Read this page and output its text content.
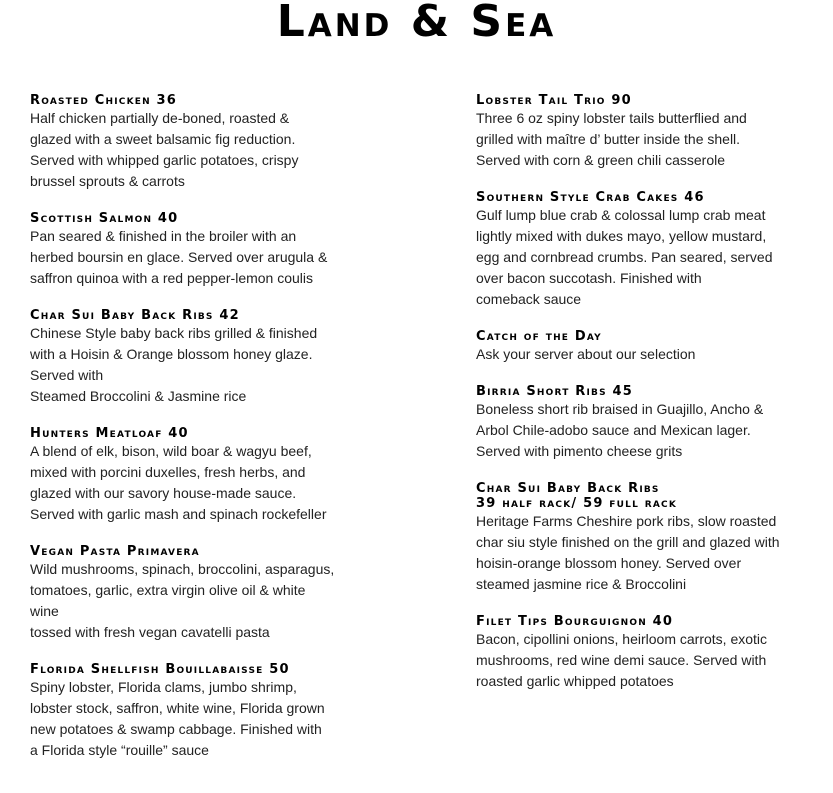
Land & Sea
Roasted Chicken 36
Half chicken partially de-boned, roasted &
glazed with a sweet balsamic fig reduction.
Served with whipped garlic potatoes, crispy
brussel sprouts & carrots
Scottish Salmon 40
Pan seared & finished in the broiler with an
herbed boursin en glace. Served over arugula &
saffron quinoa with a red pepper-lemon coulis
Char Sui Baby Back Ribs 42
Chinese Style baby back ribs grilled & finished
with a Hoisin & Orange blossom honey glaze.
Served with
Steamed Broccolini & Jasmine rice
Hunters Meatloaf 40
A blend of elk, bison, wild boar & wagyu beef,
mixed with porcini duxelles, fresh herbs, and
glazed with our savory house-made sauce.
Served with garlic mash and spinach rockefeller
Vegan Pasta Primavera
Wild mushrooms, spinach, broccolini, asparagus,
tomatoes, garlic, extra virgin olive oil & white
wine
tossed with fresh vegan cavatelli pasta
Florida Shellfish Bouillabaisse 50
Spiny lobster, Florida clams, jumbo shrimp,
lobster stock, saffron, white wine, Florida grown
new potatoes & swamp cabbage. Finished with
a Florida style “rouille” sauce
Lobster Tail Trio 90
Three 6 oz spiny lobster tails butterflied and
grilled with maître d’ butter inside the shell.
Served with corn & green chili casserole
Southern Style Crab Cakes 46
Gulf lump blue crab & colossal lump crab meat
lightly mixed with dukes mayo, yellow mustard,
egg and cornbread crumbs. Pan seared, served
over bacon succotash. Finished with
comeback sauce
Catch of the Day
Ask your server about our selection
Birria Short Ribs 45
Boneless short rib braised in Guajillo, Ancho &
Arbol Chile-adobo sauce and Mexican lager.
Served with pimento cheese grits
Char Sui Baby Back Ribs
39 half rack/ 59 full rack
Heritage Farms Cheshire pork ribs, slow roasted
char siu style finished on the grill and glazed with
hoisin-orange blossom honey. Served over
steamed jasmine rice & Broccolini
Filet Tips Bourguignon 40
Bacon, cipollini onions, heirloom carrots, exotic
mushrooms, red wine demi sauce. Served with
roasted garlic whipped potatoes
